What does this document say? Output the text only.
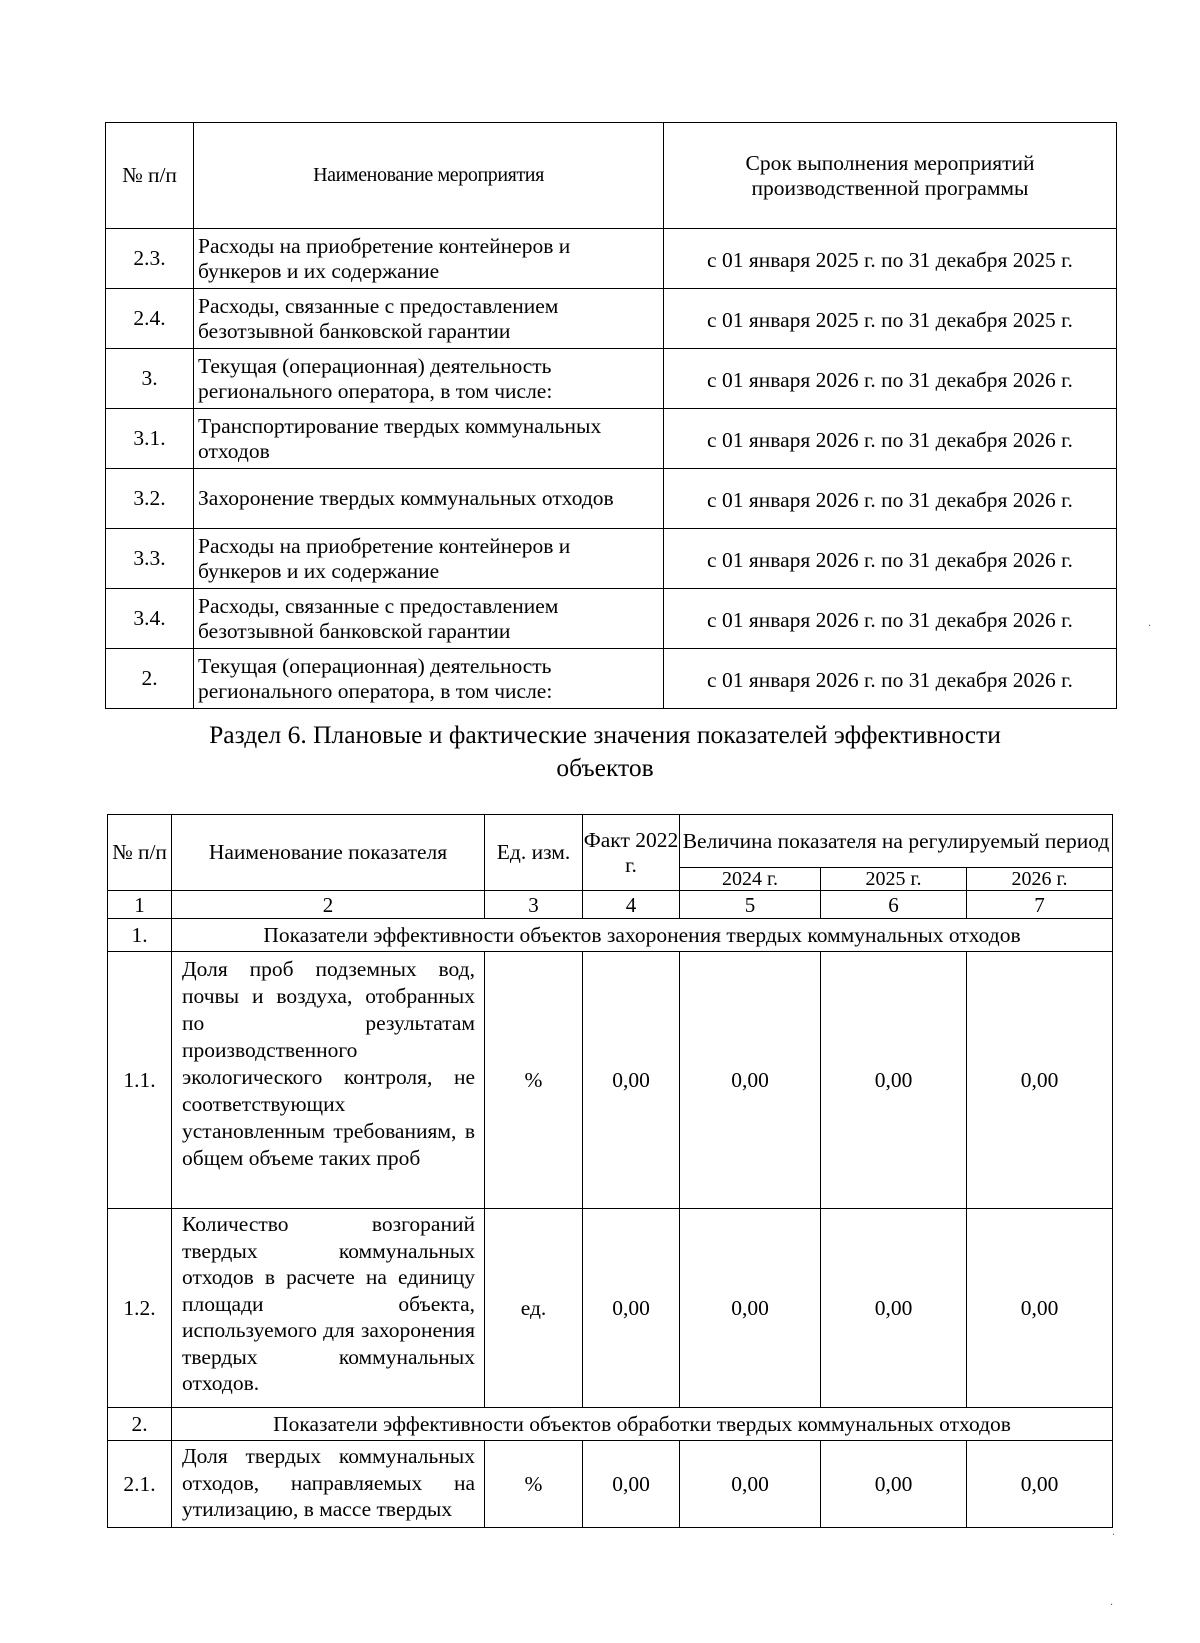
№ п/п	Наименование мероприятия	Срок выполнения мероприятий производственной программы
2.3.	Расходы на приобретение контейнеров и бункеров и их содержание	с 01 января 2025 г. по 31 декабря 2025 г.
2.4.	Расходы, связанные с предоставлением безотзывной банковской гарантии	с 01 января 2025 г. по 31 декабря 2025 г.
3.	Текущая (операционная) деятельность регионального оператора, в том числе:	с 01 января 2026 г. по 31 декабря 2026 г.
3.1.	Транспортирование твердых коммунальных отходов	с 01 января 2026 г. по 31 декабря 2026 г.
3.2.	Захоронение твердых коммунальных отходов	с 01 января 2026 г. по 31 декабря 2026 г.
3.3.	Расходы на приобретение контейнеров и бункеров и их содержание	с 01 января 2026 г. по 31 декабря 2026 г.
3.4.	Расходы, связанные с предоставлением безотзывной банковской гарантии	с 01 января 2026 г. по 31 декабря 2026 г.
2.	Текущая (операционная) деятельность регионального оператора, в том числе:	с 01 января 2026 г. по 31 декабря 2026 г.
Раздел 6. Плановые и фактические значения показателей эффективности
объектов
№ п/п	Наименование показателя	Ед. изм.	Факт 2022 г.	Величина показателя на регулируемый период		
				2024 г.	2025 г.	2026 г.
1	2	3	4	5	6	7
1.	Показатели эффективности объектов захоронения твердых коммунальных отходов					
1.1.	Доля проб подземных вод, почвы и воздуха, отобранных по результатам производственного экологического контроля, не соответствующих установленным требованиям, в общем объеме таких проб	%	0,00	0,00	0,00	0,00
1.2.	Количество возгораний твердых коммунальных отходов в расчете на единицу площади объекта, используемого для захоронения твердых коммунальных отходов.	ед.	0,00	0,00	0,00	0,00
2.	Показатели эффективности объектов обработки твердых коммунальных отходов					
2.1.	Доля твердых коммунальных отходов, направляемых на утилизацию, в массе твердых	%	0,00	0,00	0,00	0,00
·
·
·
